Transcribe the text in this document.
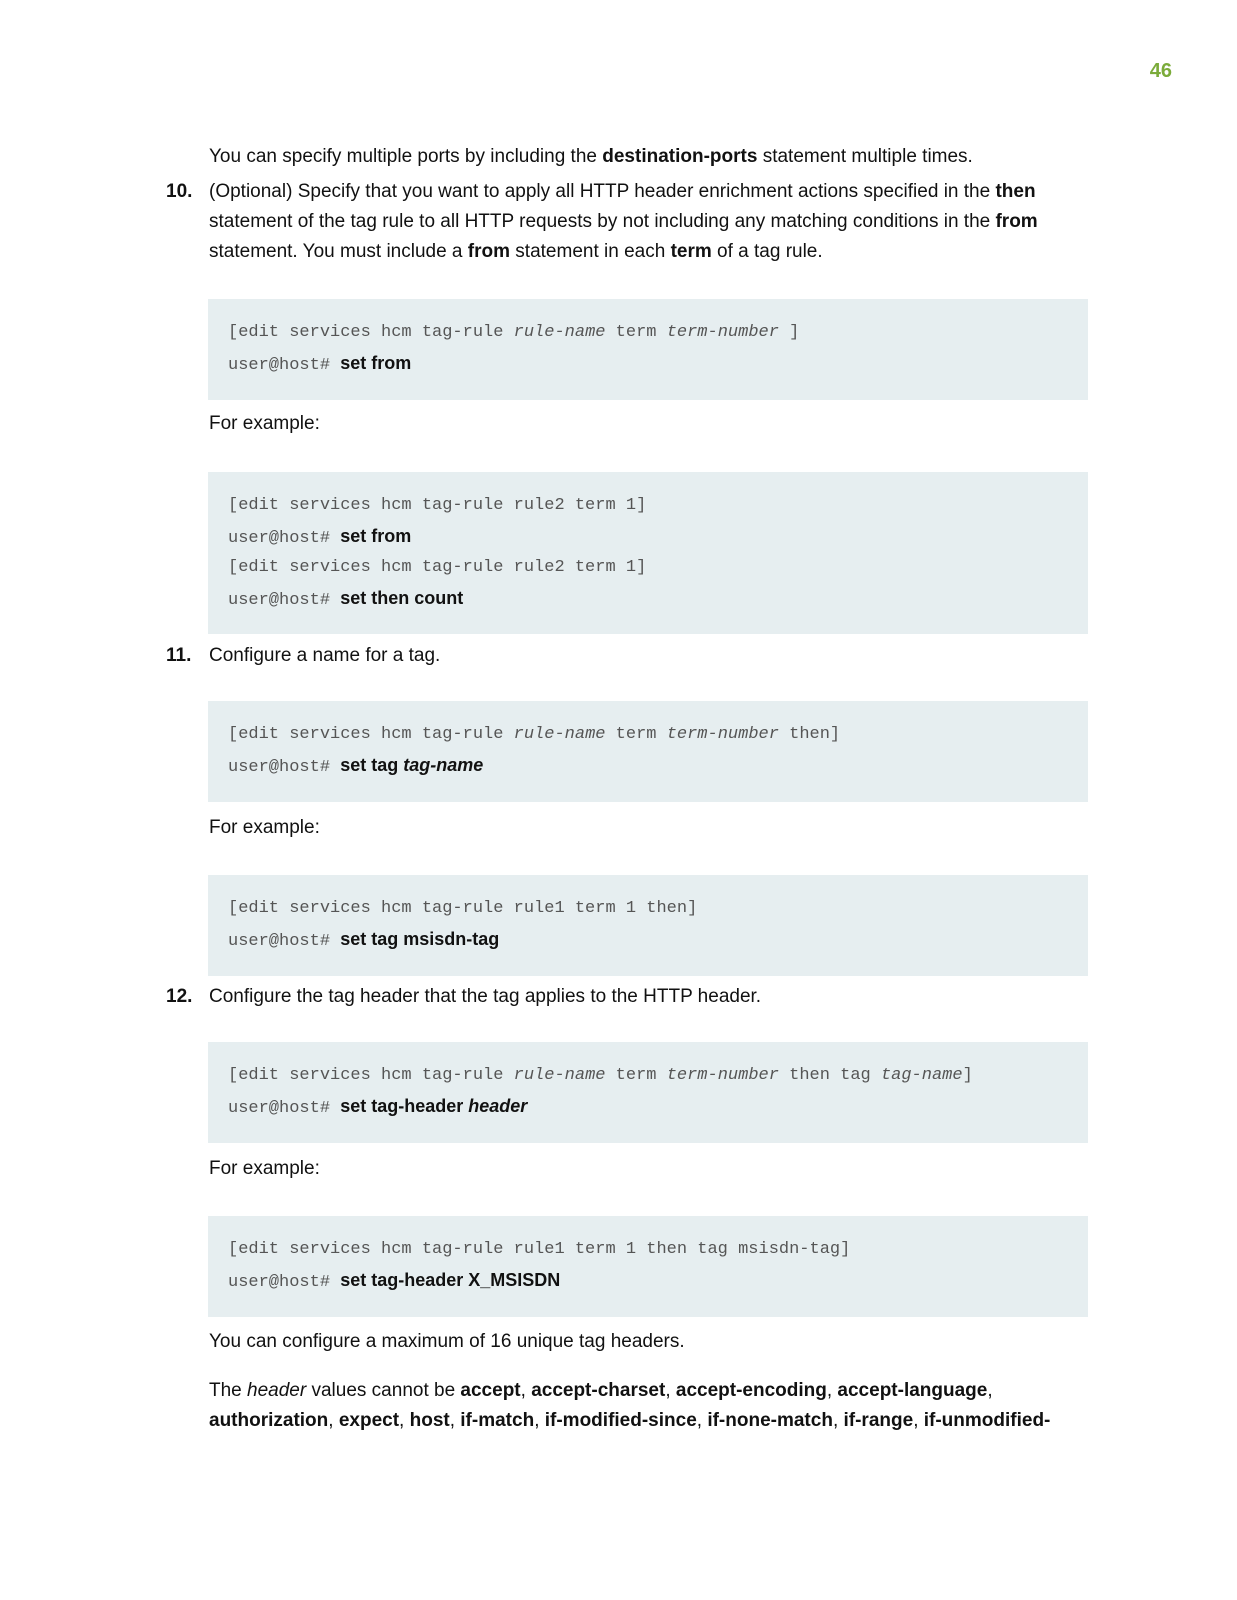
46

You can specify multiple ports by including the destination-ports statement multiple times.

10. (Optional) Specify that you want to apply all HTTP header enrichment actions specified in the then statement of the tag rule to all HTTP requests by not including any matching conditions in the from statement. You must include a from statement in each term of a tag rule.

[edit services hcm tag-rule rule-name term term-number ]
user@host# set from

For example:

[edit services hcm tag-rule rule2 term 1]
user@host# set from
[edit services hcm tag-rule rule2 term 1]
user@host# set then count
11. Configure a name for a tag.

[edit services hcm tag-rule rule-name term term-number then]
user@host# set tag tag-name

For example:

[edit services hcm tag-rule rule1 term 1 then]
user@host# set tag msisdn-tag
12. Configure the tag header that the tag applies to the HTTP header.

[edit services hcm tag-rule rule-name term term-number then tag tag-name]
user@host# set tag-header header

For example:

[edit services hcm tag-rule rule1 term 1 then tag msisdn-tag]
user@host# set tag-header X_MSISDN

You can configure a maximum of 16 unique tag headers.

The header values cannot be accept, accept-charset, accept-encoding, accept-language, authorization, expect, host, if-match, if-modified-since, if-none-match, if-range, if-unmodified-
